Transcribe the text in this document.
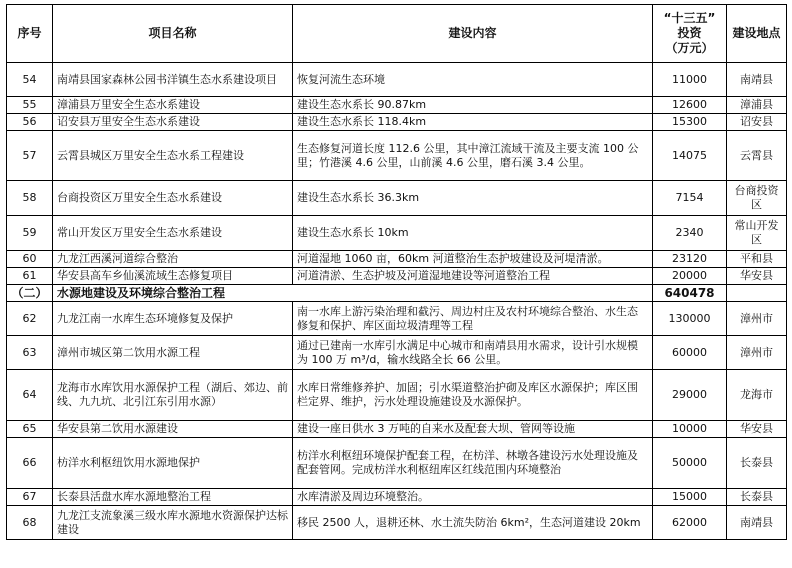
序号	项目名称	建设内容	“十三五”
投资
（万元）	建设地点
54	南靖县国家森林公园书洋镇生态水系建设项目	恢复河流生态环境	11000	南靖县
55	漳浦县万里安全生态水系建设	建设生态水系长 90.87km	12600	漳浦县
56	诏安县万里安全生态水系建设	建设生态水系长 118.4km	15300	诏安县
57	云霄县城区万里安全生态水系工程建设	生态修复河道长度 112.6 公里，其中漳江流域干流及主要支流 100 公里；竹港溪 4.6 公里，山前溪 4.6 公里，磨石溪 3.4 公里。	14075	云霄县
58	台商投资区万里安全生态水系建设	建设生态水系长 36.3km	7154	台商投资区
59	常山开发区万里安全生态水系建设	建设生态水系长 10km	2340	常山开发区
60	九龙江西溪河道综合整治	河道湿地 1060 亩，60km 河道整治生态护坡建设及河堤清淤。	23120	平和县
61	华安县高车乡仙溪流域生态修复项目	河道清淤、生态护坡及河道湿地建设等河道整治工程	20000	华安县
（二）	水源地建设及环境综合整治工程		640478	
62	九龙江南一水库生态环境修复及保护	南一水库上游污染治理和截污、周边村庄及农村环境综合整治、水生态修复和保护、库区面垃圾清理等工程	130000	漳州市
63	漳州市城区第二饮用水源工程	通过已建南一水库引水满足中心城市和南靖县用水需求，设计引水规模为 100 万 m³/d，输水线路全长 66 公里。	60000	漳州市
64	龙海市水库饮用水源保护工程（湖后、郊边、前线、九九坑、北引江东引用水源）	水库日常维修养护、加固；引水渠道整治护砌及库区水源保护；库区围栏定界、维护，污水处理设施建设及水源保护。	29000	龙海市
65	华安县第二饮用水源建设	建设一座日供水 3 万吨的自来水及配套大坝、管网等设施	10000	华安县
66	枋洋水利枢纽饮用水源地保护	枋洋水利枢纽环境保护配套工程，在枋洋、林墩各建设污水处理设施及配套管网。完成枋洋水利枢纽库区红线范围内环境整治	50000	长泰县
67	长泰县活盘水库水源地整治工程	水库清淤及周边环境整治。	15000	长泰县
68	九龙江支流象溪三级水库水源地水资源保护达标建设	移民 2500 人，退耕还林、水土流失防治 6km²，生态河道建设 20km	62000	南靖县
